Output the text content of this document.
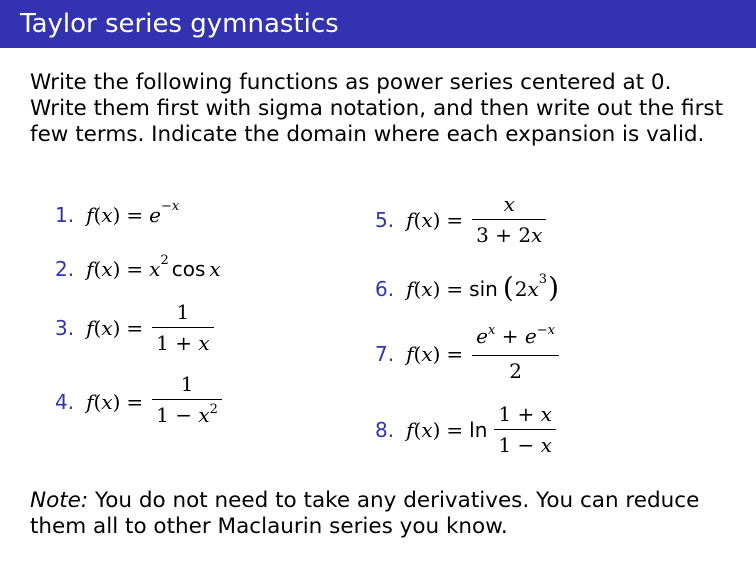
Taylor series gymnastics
Write the following functions as power series centered at 0. Write them first with sigma notation, and then write out the first few terms. Indicate the domain where each expansion is valid.
1. f ( x ) = $e^{-x}$
2. f ( x ) = $x^2$ cos x
3. f ( x ) = $\frac{1}{1 + x}$
4. f ( x ) = $\frac{1}{1 - x^2}$
5. f ( x ) = $\frac{x}{3 + 2x}$
6. f ( x ) = sin ( 2 $x^3$ )
7. f ( x ) = $\frac{e^x + e^{-x}}{2}$
8. f ( x ) = $\ln \frac{1 + x}{1 - x}$
Note: You do not need to take any derivatives. You can reduce them all to other Maclaurin series you know.
